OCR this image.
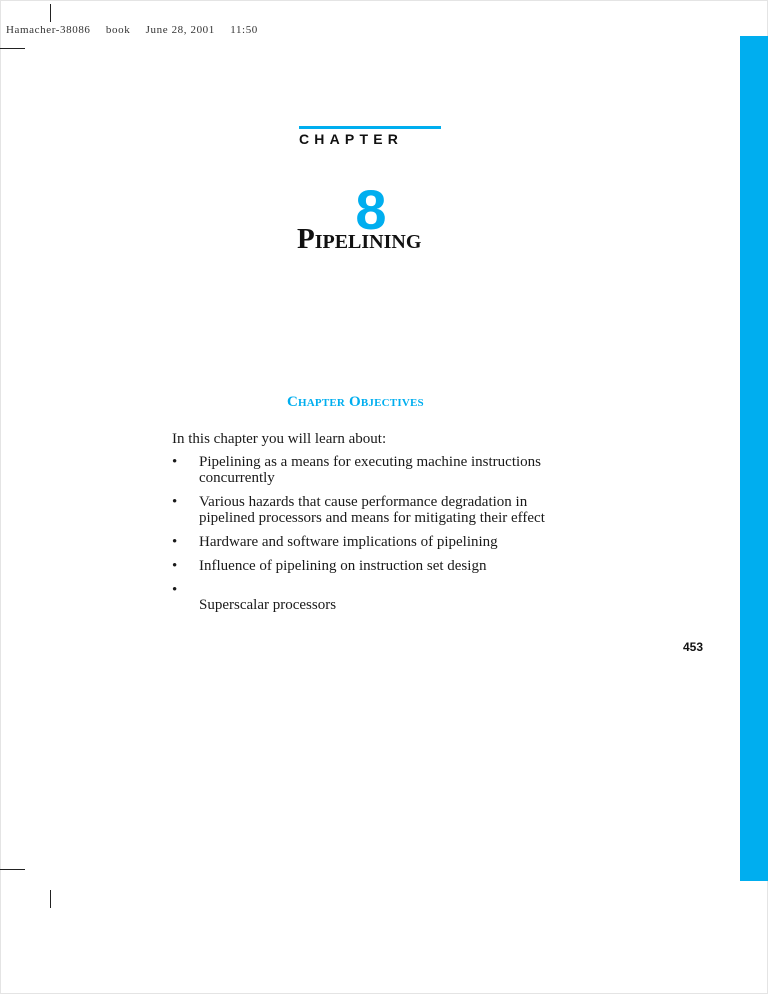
Hamacher-38086 book June 28, 2001 11:50
CHAPTER
8
Pipelining
Chapter Objectives
In this chapter you will learn about:
• Pipelining as a means for executing machine instructions concurrently
• Various hazards that cause performance degradation in pipelined processors and means for mitigating their effect
• Hardware and software implications of pipelining
• Influence of pipelining on instruction set design
•
Superscalar processors
453
